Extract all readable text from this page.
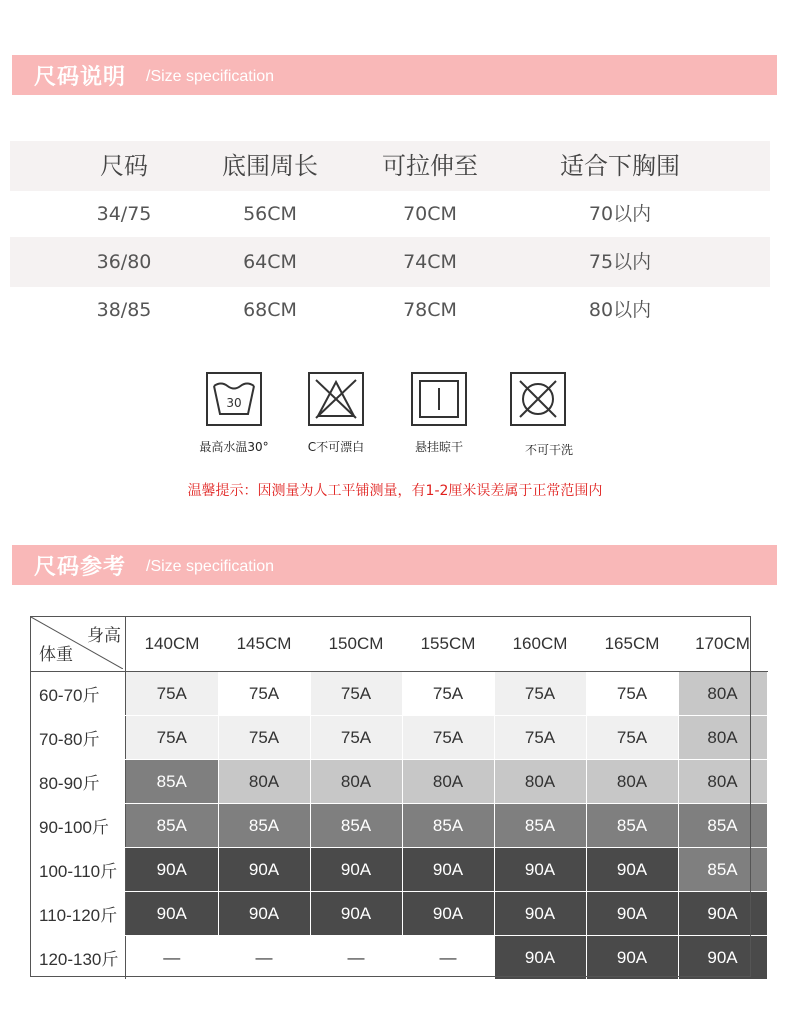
尺码说明 /Size specification
尺码	底围周长	可拉伸至	适合下胸围
34/75	56CM	70CM	70以内
36/80	64CM	74CM	75以内
38/85	68CM	78CM	80以内
30
最高水温30°	C不可漂白	悬挂晾干	不可干洗
温馨提示：因测量为人工平铺测量，有1-2厘米误差属于正常范围内
尺码参考 /Size specification
身高
体重	140CM	145CM	150CM	155CM	160CM	165CM	170CM
60-70斤	75A	75A	75A	75A	75A	75A	80A
70-80斤	75A	75A	75A	75A	75A	75A	80A
80-90斤	85A	80A	80A	80A	80A	80A	80A
90-100斤	85A	85A	85A	85A	85A	85A	85A
100-110斤	90A	90A	90A	90A	90A	90A	85A
110-120斤	90A	90A	90A	90A	90A	90A	90A
120-130斤	—	—	—	—	90A	90A	90A
